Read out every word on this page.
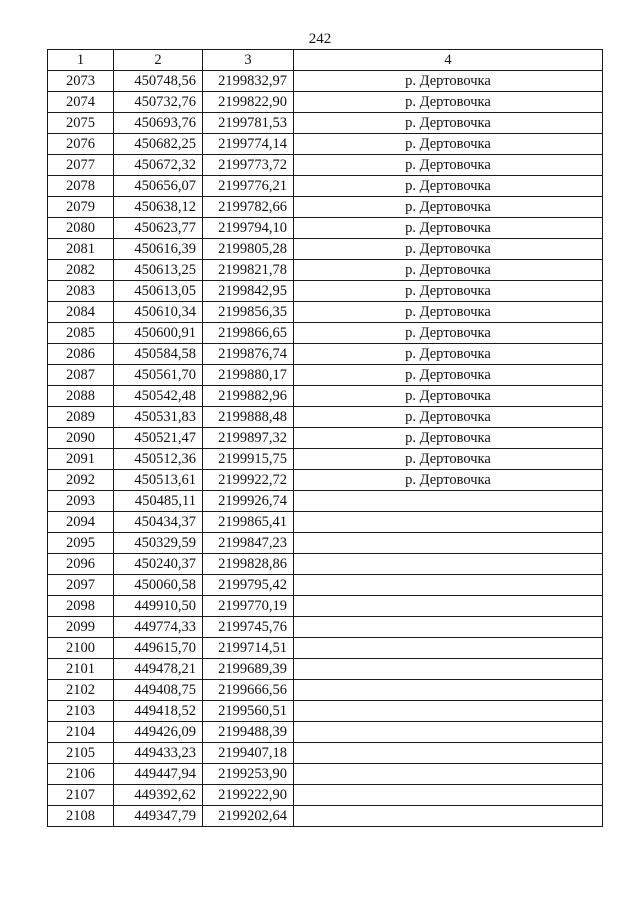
242
1	2	3	4
2073	450748,56	2199832,97	р. Дертовочка
2074	450732,76	2199822,90	р. Дертовочка
2075	450693,76	2199781,53	р. Дертовочка
2076	450682,25	2199774,14	р. Дертовочка
2077	450672,32	2199773,72	р. Дертовочка
2078	450656,07	2199776,21	р. Дертовочка
2079	450638,12	2199782,66	р. Дертовочка
2080	450623,77	2199794,10	р. Дертовочка
2081	450616,39	2199805,28	р. Дертовочка
2082	450613,25	2199821,78	р. Дертовочка
2083	450613,05	2199842,95	р. Дертовочка
2084	450610,34	2199856,35	р. Дертовочка
2085	450600,91	2199866,65	р. Дертовочка
2086	450584,58	2199876,74	р. Дертовочка
2087	450561,70	2199880,17	р. Дертовочка
2088	450542,48	2199882,96	р. Дертовочка
2089	450531,83	2199888,48	р. Дертовочка
2090	450521,47	2199897,32	р. Дертовочка
2091	450512,36	2199915,75	р. Дертовочка
2092	450513,61	2199922,72	р. Дертовочка
2093	450485,11	2199926,74	
2094	450434,37	2199865,41	
2095	450329,59	2199847,23	
2096	450240,37	2199828,86	
2097	450060,58	2199795,42	
2098	449910,50	2199770,19	
2099	449774,33	2199745,76	
2100	449615,70	2199714,51	
2101	449478,21	2199689,39	
2102	449408,75	2199666,56	
2103	449418,52	2199560,51	
2104	449426,09	2199488,39	
2105	449433,23	2199407,18	
2106	449447,94	2199253,90	
2107	449392,62	2199222,90	
2108	449347,79	2199202,64	
